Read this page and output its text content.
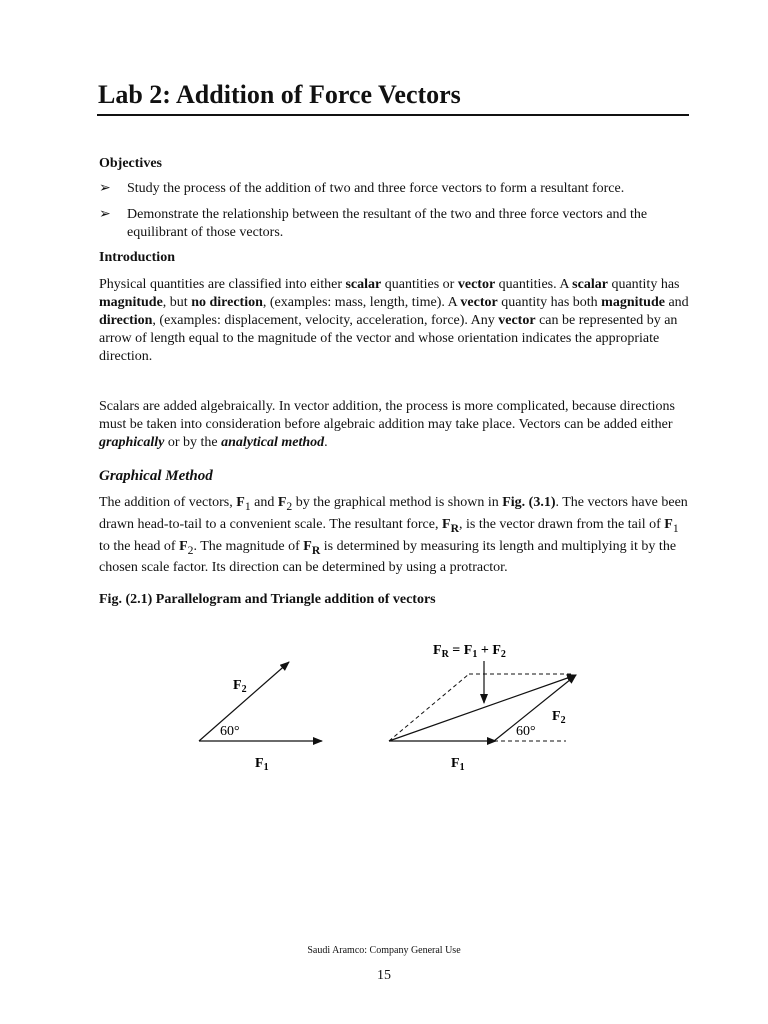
Lab 2: Addition of Force Vectors
Objectives
➢ Study the process of the addition of two and three force vectors to form a resultant force.
➢ Demonstrate the relationship between the resultant of the two and three force vectors and the equilibrant of those vectors.
Introduction
Physical quantities are classified into either scalar quantities or vector quantities. A scalar quantity has magnitude, but no direction, (examples: mass, length, time). A vector quantity has both magnitude and direction, (examples: displacement, velocity, acceleration, force). Any vector can be represented by an arrow of length equal to the magnitude of the vector and whose orientation indicates the appropriate direction.
Scalars are added algebraically. In vector addition, the process is more complicated, because directions must be taken into consideration before algebraic addition may take place. Vectors can be added either graphically or by the analytical method.
Graphical Method
The addition of vectors, $F_1$ and $F_2$ by the graphical method is shown in Fig. (3.1). The vectors have been drawn head-to-tail to a convenient scale. The resultant force, $F_R$, is the vector drawn from the tail of $F_1$ to the head of $F_2$. The magnitude of $F_R$ is determined by measuring its length and multiplying it by the chosen scale factor. Its direction can be determined by using a protractor.
Fig. (2.1) Parallelogram and Triangle addition of vectors
$F_2$
60°
$F_1$
$F_R = F_1 + F_2$
$F_2$
60°
$F_1$
Saudi Aramco: Company General Use
15
